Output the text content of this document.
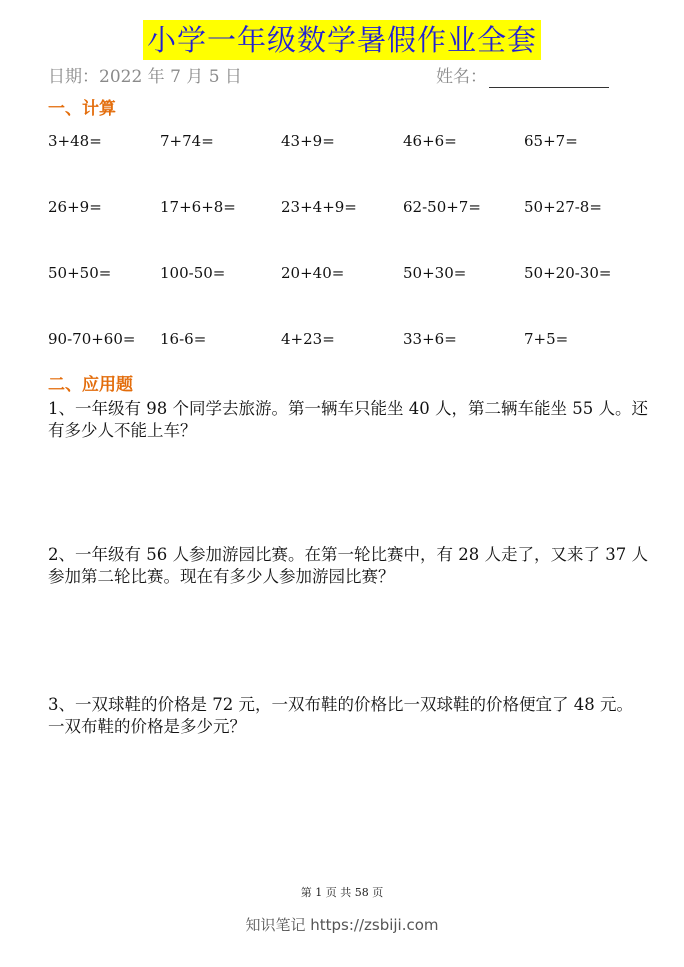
小学一年级数学暑假作业全套
日期：2022 年 7 月 5 日	姓名：
一、计算
3+48=	7+74=	43+9=	46+6=	65+7=
26+9=	17+6+8=	23+4+9=	62-50+7=	50+27-8=
50+50=	100-50=	20+40=	50+30=	50+20-30=
90-70+60=	16-6=	4+23=	33+6=	7+5=
二、应用题
1、一年级有 98 个同学去旅游。第一辆车只能坐 40 人，第二辆车能坐 55 人。还有多少人不能上车？
2、一年级有 56 人参加游园比赛。在第一轮比赛中，有 28 人走了，又来了 37 人参加第二轮比赛。现在有多少人参加游园比赛？
3、一双球鞋的价格是 72 元，一双布鞋的价格比一双球鞋的价格便宜了 48 元。一双布鞋的价格是多少元？
第 1 页 共 58 页
知识笔记 https://zsbiji.com
